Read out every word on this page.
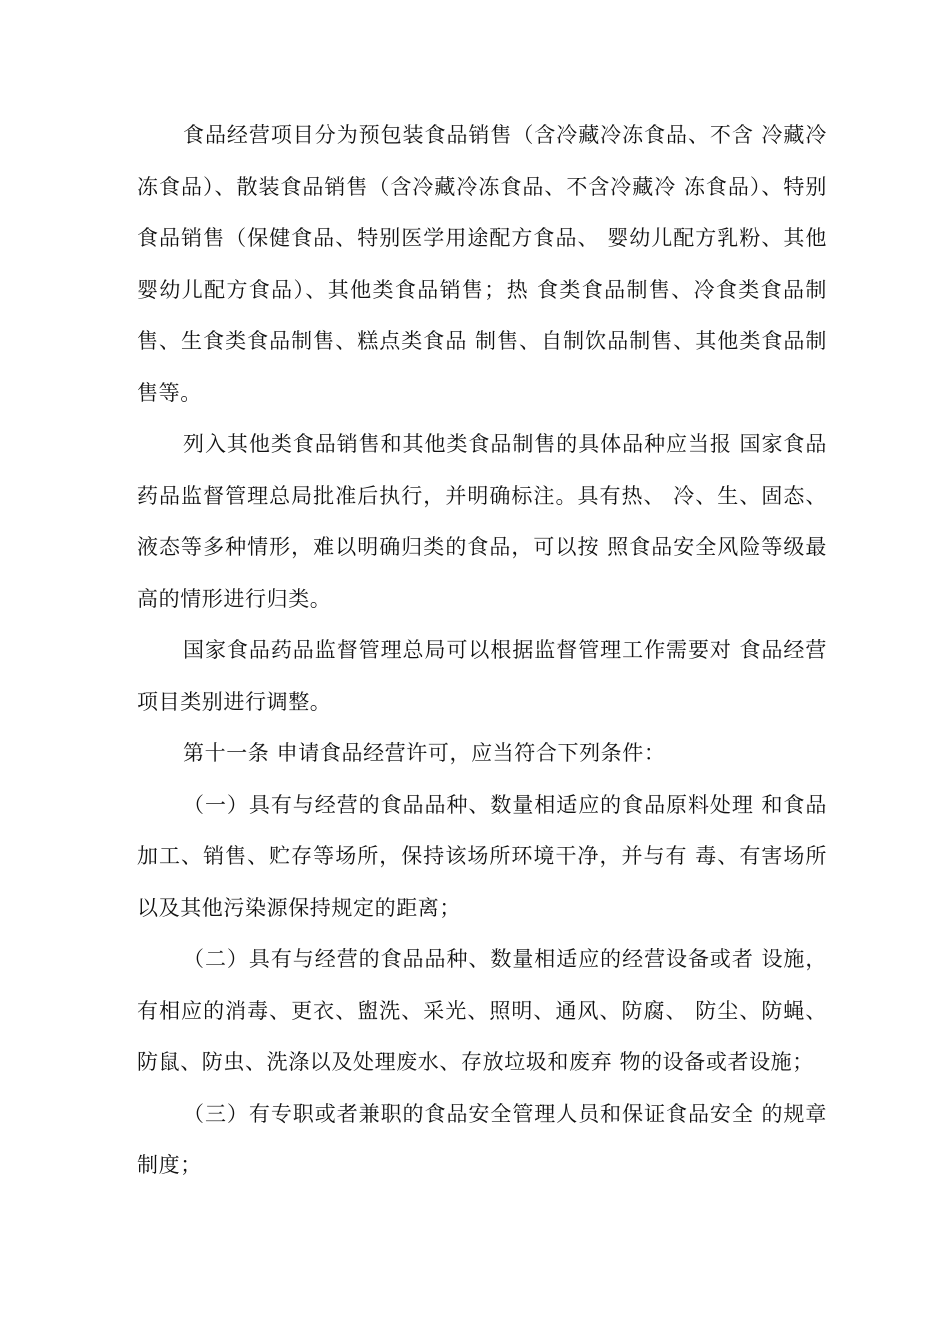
食品经营项目分为预包装食品销售（含冷藏冷冻食品、不含 冷藏冷冻食品）、散装食品销售（含冷藏冷冻食品、不含冷藏冷 冻食品）、特别食品销售（保健食品、特别医学用途配方食品、 婴幼儿配方乳粉、其他婴幼儿配方食品）、其他类食品销售；热 食类食品制售、冷食类食品制售、生食类食品制售、糕点类食品 制售、自制饮品制售、其他类食品制售等。

列入其他类食品销售和其他类食品制售的具体品种应当报 国家食品药品监督管理总局批准后执行，并明确标注。具有热、 冷、生、固态、液态等多种情形，难以明确归类的食品，可以按 照食品安全风险等级最高的情形进行归类。

国家食品药品监督管理总局可以根据监督管理工作需要对 食品经营项目类别进行调整。

第十一条 申请食品经营许可，应当符合下列条件：

（一）具有与经营的食品品种、数量相适应的食品原料处理 和食品加工、销售、贮存等场所，保持该场所环境干净，并与有 毒、有害场所以及其他污染源保持规定的距离；

（二）具有与经营的食品品种、数量相适应的经营设备或者 设施，有相应的消毒、更衣、盥洗、采光、照明、通风、防腐、 防尘、防蝇、防鼠、防虫、洗涤以及处理废水、存放垃圾和废弃 物的设备或者设施；

（三）有专职或者兼职的食品安全管理人员和保证食品安全 的规章制度；
